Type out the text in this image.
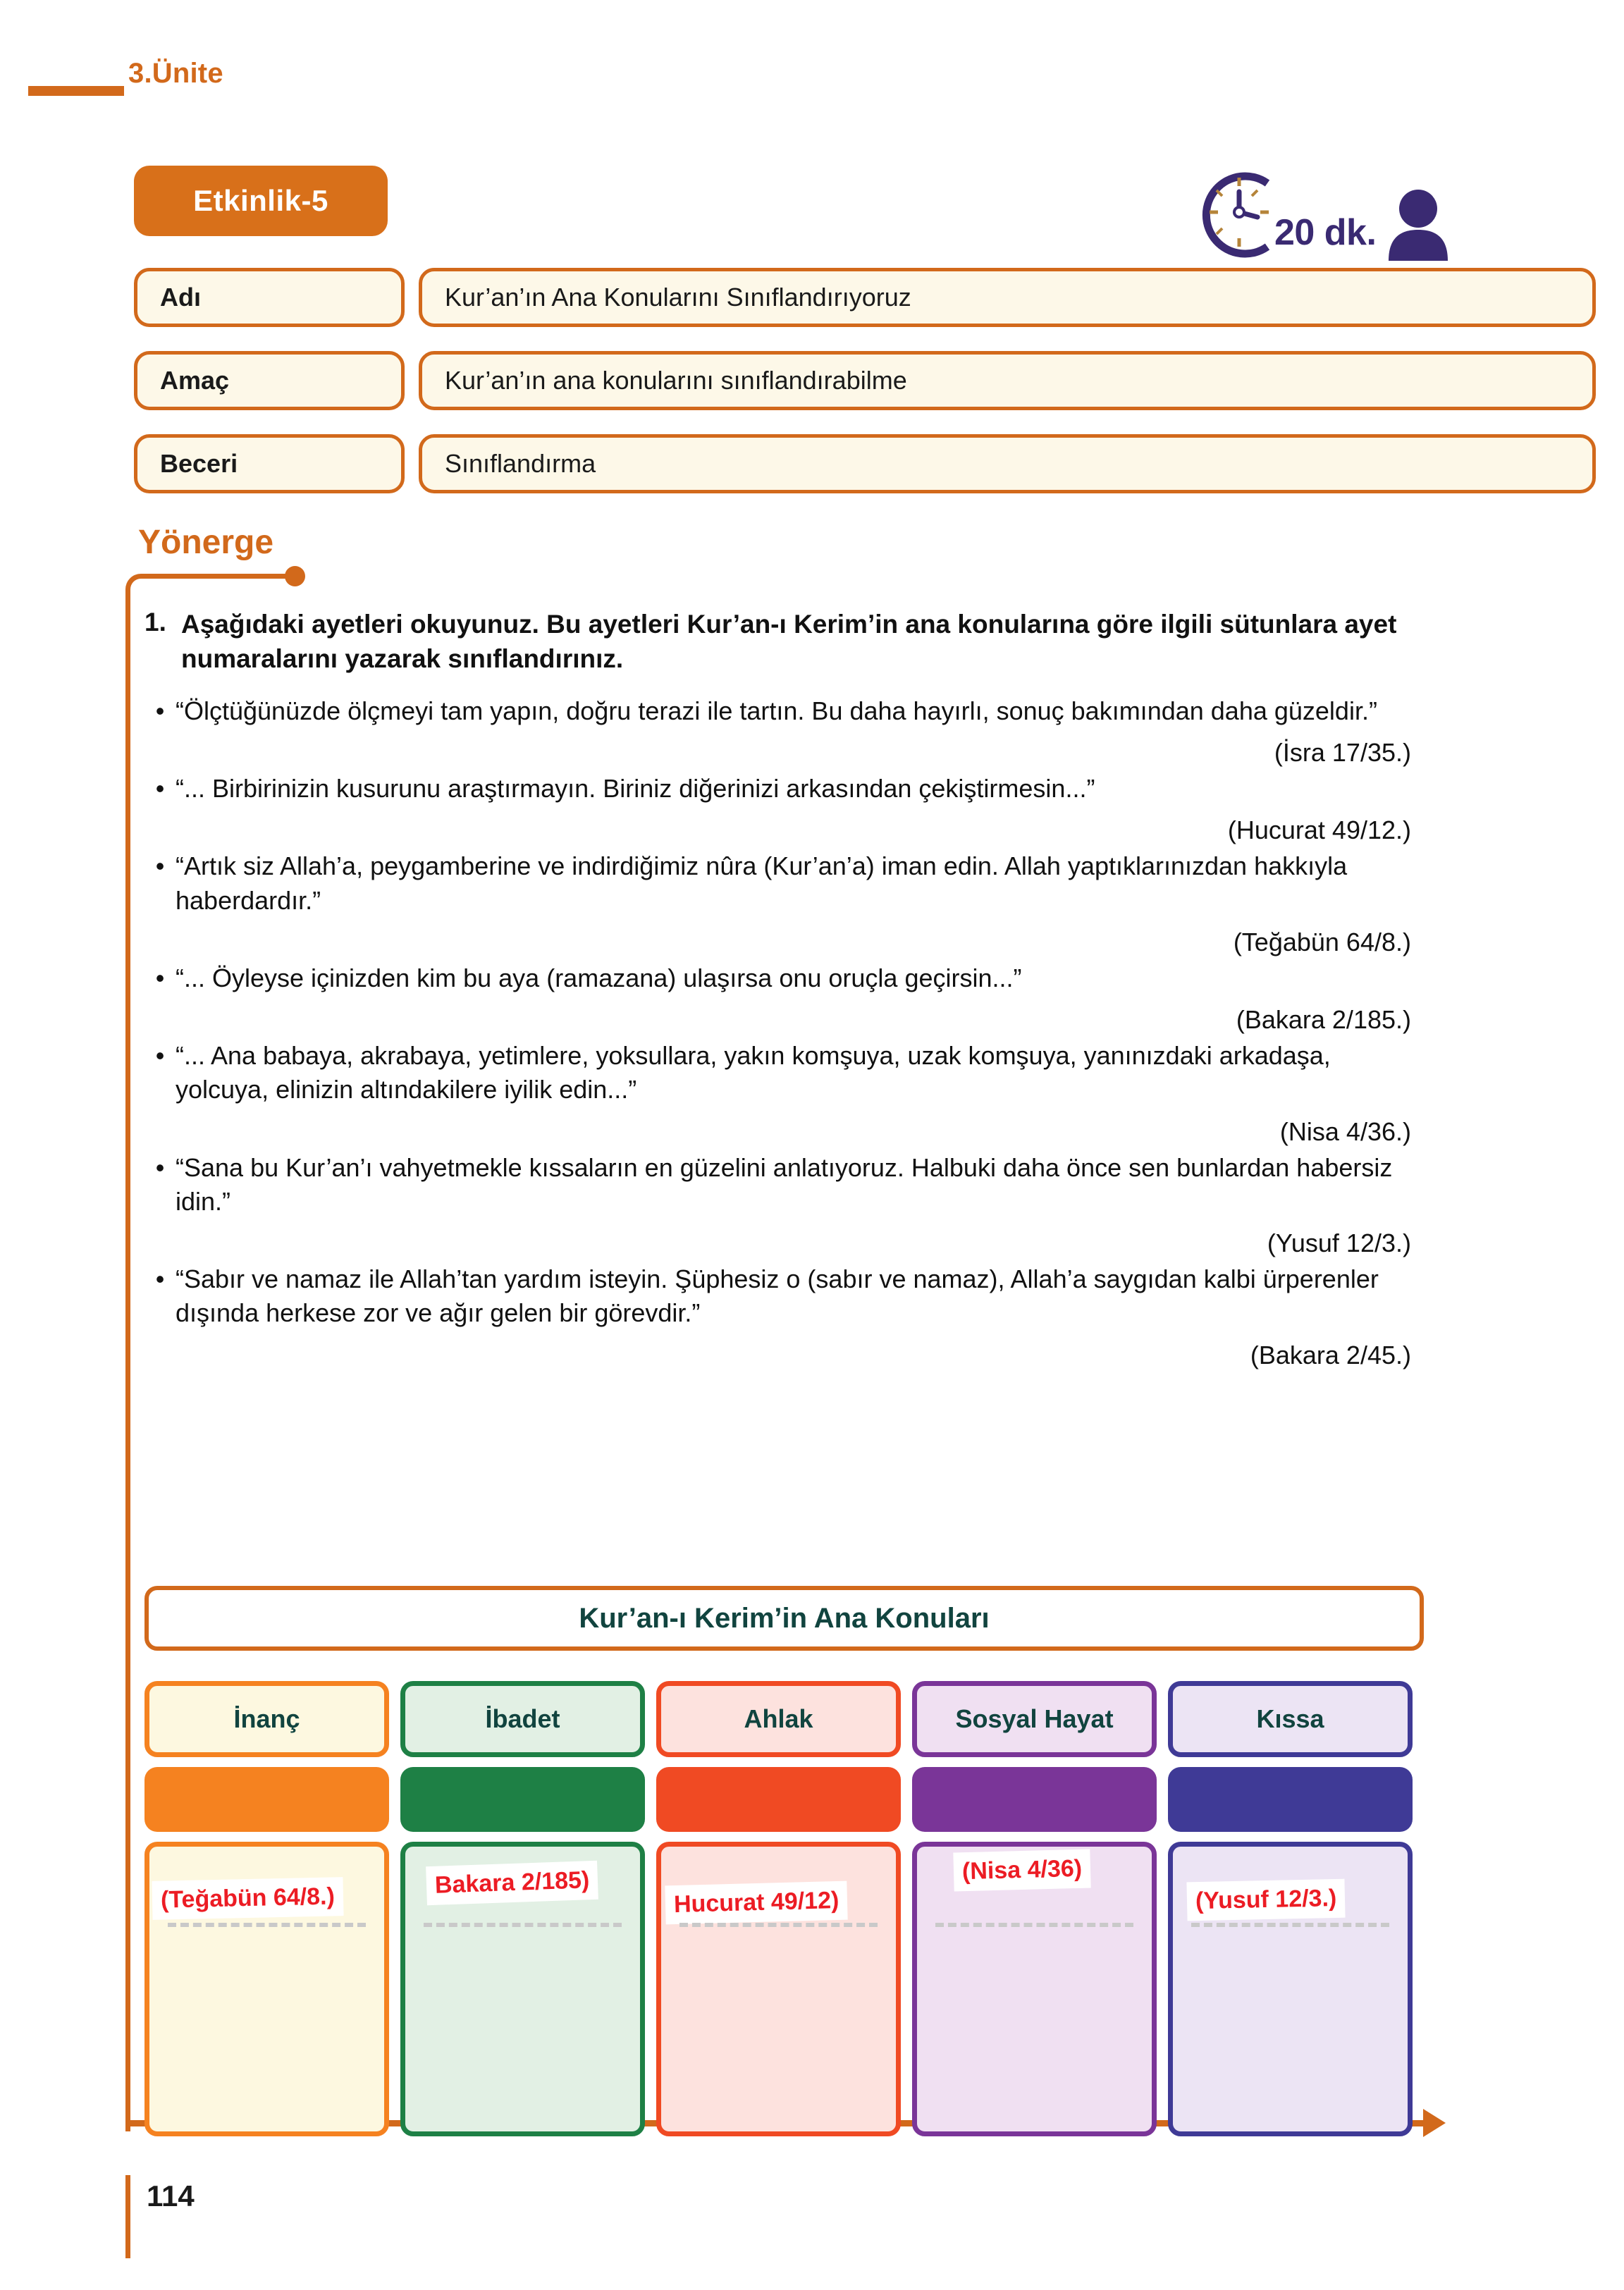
3.Ünite
Etkinlik-5
20 dk.
Adı	Kur’an’ın Ana Konularını Sınıflandırıyoruz
Amaç	Kur’an’ın ana konularını sınıflandırabilme
Beceri	Sınıflandırma
Yönerge
1. Aşağıdaki ayetleri okuyunuz. Bu ayetleri Kur’an-ı Kerim’in ana konularına göre ilgili sütunlara ayet numaralarını yazarak sınıflandırınız.
• “Ölçtüğünüzde ölçmeyi tam yapın, doğru terazi ile tartın. Bu daha hayırlı, sonuç bakımından daha güzeldir.”
(İsra 17/35.)
• “... Birbirinizin kusurunu araştırmayın. Biriniz diğerinizi arkasından çekiştirmesin...”
(Hucurat 49/12.)
• “Artık siz Allah’a, peygamberine ve indirdiğimiz nûra (Kur’an’a) iman edin. Allah yaptıklarınızdan hakkıyla haberdardır.”
(Teğabün 64/8.)
• “... Öyleyse içinizden kim bu aya (ramazana) ulaşırsa onu oruçla geçirsin...”
(Bakara 2/185.)
• “... Ana babaya, akrabaya, yetimlere, yoksullara, yakın komşuya, uzak komşuya, yanınızdaki arkadaşa, yolcuya, elinizin altındakilere iyilik edin...”
(Nisa 4/36.)
• “Sana bu Kur’an’ı vahyetmekle kıssaların en güzelini anlatıyoruz. Halbuki daha önce sen bunlardan habersiz idin.”
(Yusuf 12/3.)
• “Sabır ve namaz ile Allah’tan yardım isteyin. Şüphesiz o (sabır ve namaz), Allah’a saygıdan kalbi ürperenler dışında herkese zor ve ağır gelen bir görevdir.”
(Bakara 2/45.)
Kur’an-ı Kerim’in Ana Konuları
İnanç
(Teğabün 64/8.)
İbadet
Bakara 2/185)
Ahlak
Hucurat 49/12)
Sosyal Hayat
(Nisa 4/36)
Kıssa
(Yusuf 12/3.)
114
